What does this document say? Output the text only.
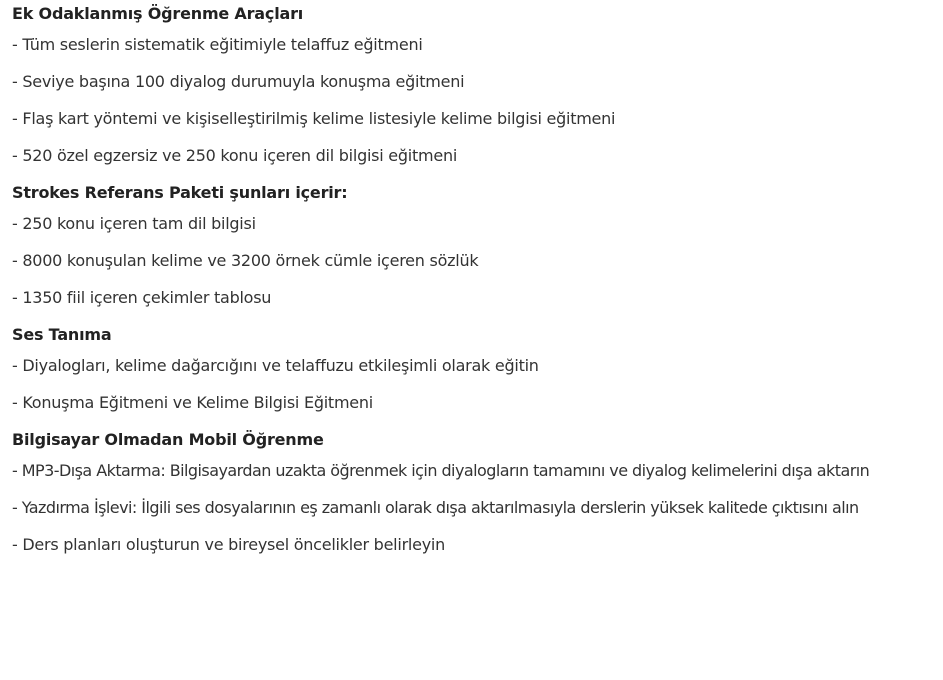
Ek Odaklanmış Öğrenme Araçları
- Tüm seslerin sistematik eğitimiyle telaffuz eğitmeni
- Seviye başına 100 diyalog durumuyla konuşma eğitmeni
- Flaş kart yöntemi ve kişiselleştirilmiş kelime listesiyle kelime bilgisi eğitmeni
- 520 özel egzersiz ve 250 konu içeren dil bilgisi eğitmeni
Strokes Referans Paketi şunları içerir:
- 250 konu içeren tam dil bilgisi
- 8000 konuşulan kelime ve 3200 örnek cümle içeren sözlük
- 1350 fiil içeren çekimler tablosu
Ses Tanıma
- Diyalogları, kelime dağarcığını ve telaffuzu etkileşimli olarak eğitin
- Konuşma Eğitmeni ve Kelime Bilgisi Eğitmeni
Bilgisayar Olmadan Mobil Öğrenme
- MP3-Dışa Aktarma: Bilgisayardan uzakta öğrenmek için diyalogların tamamını ve diyalog kelimelerini dışa aktarın
- Yazdırma İşlevi: İlgili ses dosyalarının eş zamanlı olarak dışa aktarılmasıyla derslerin yüksek kalitede çıktısını alın
- Ders planları oluşturun ve bireysel öncelikler belirleyin
